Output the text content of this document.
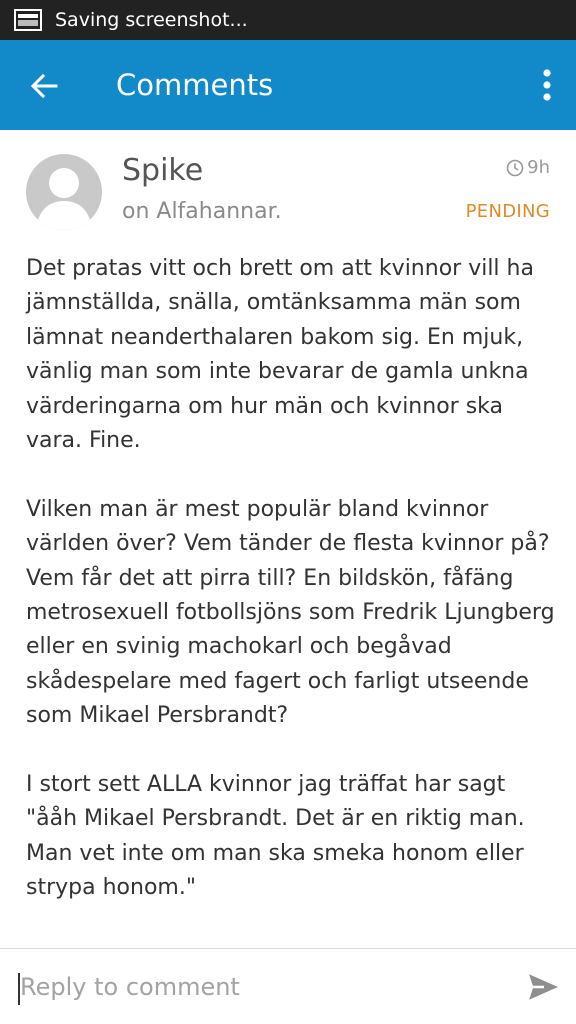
Saving screenshot...
Comments
Spike
on Alfahannar.
9h
PENDING

Det pratas vitt och brett om att kvinnor vill ha jämnställda, snälla, omtänksamma män som lämnat neanderthalaren bakom sig. En mjuk, vänlig man som inte bevarar de gamla unkna värderingarna om hur män och kvinnor ska vara. Fine.

Vilken man är mest populär bland kvinnor världen över? Vem tänder de flesta kvinnor på? Vem får det att pirra till? En bildskön, fåfäng metrosexuell fotbollsjöns som Fredrik Ljungberg eller en svinig machokarl och begåvad skådespelare med fagert och farligt utseende som Mikael Persbrandt?

I stort sett ALLA kvinnor jag träffat har sagt "ååh Mikael Persbrandt. Det är en riktig man. Man vet inte om man ska smeka honom eller strypa honom."

Reply to comment
